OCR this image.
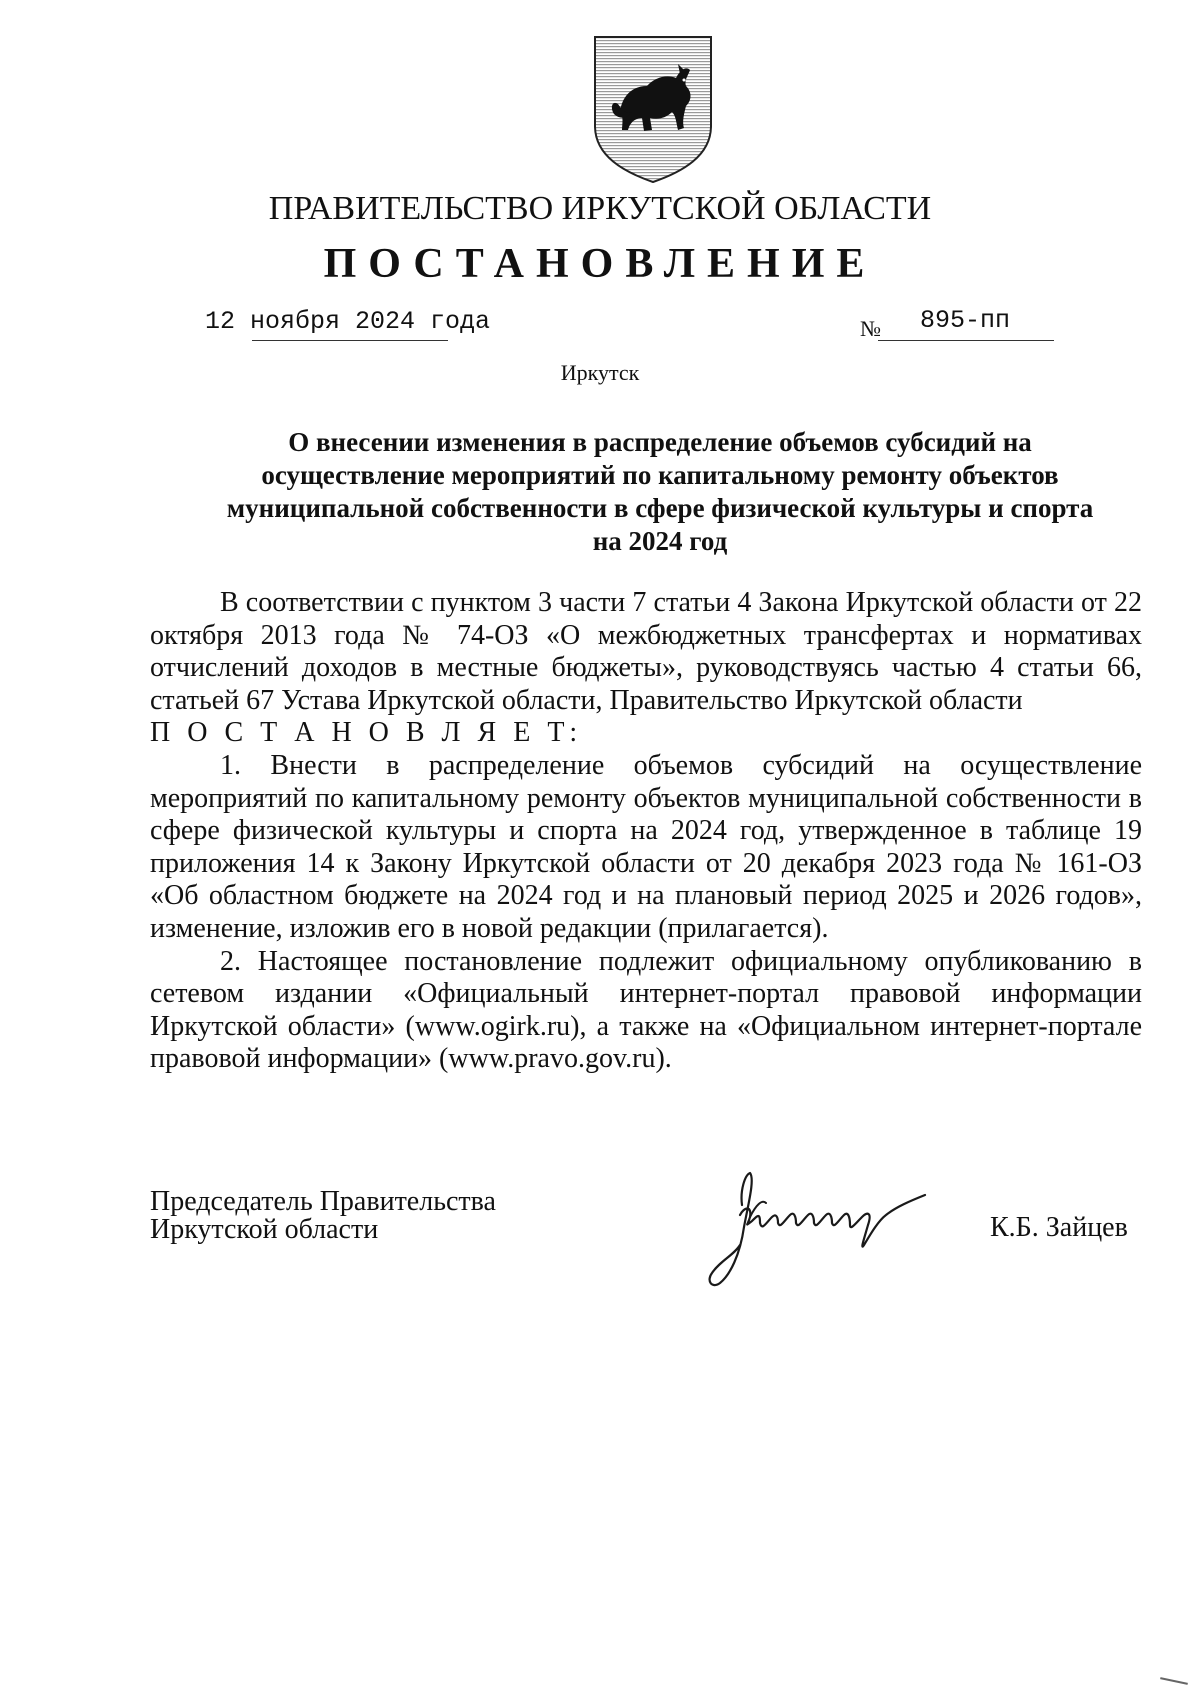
ПРАВИТЕЛЬСТВО ИРКУТСКОЙ ОБЛАСТИ
ПОСТАНОВЛЕНИЕ
12 ноября 2024 года	№ 895-пп
Иркутск
О внесении изменения в распределение объемов субсидий на
осуществление мероприятий по капитальному ремонту объектов
муниципальной собственности в сфере физической культуры и спорта
на 2024 год

В соответствии с пунктом 3 части 7 статьи 4 Закона Иркутской области от 22 октября 2013 года № 74-ОЗ «О межбюджетных трансфертах и нормативах отчислений доходов в местные бюджеты», руководствуясь частью 4 статьи 66, статьей 67 Устава Иркутской области, Правительство Иркутской области

П О С Т А Н О В Л Я Е Т:

1. Внести в распределение объемов субсидий на осуществление мероприятий по капитальному ремонту объектов муниципальной собственности в сфере физической культуры и спорта на 2024 год, утвержденное в таблице 19 приложения 14 к Закону Иркутской области от 20 декабря 2023 года № 161-ОЗ «Об областном бюджете на 2024 год и на плановый период 2025 и 2026 годов», изменение, изложив его в новой редакции (прилагается).

2. Настоящее постановление подлежит официальному опубликованию в сетевом издании «Официальный интернет-портал правовой информации Иркутской области» (www.ogirk.ru), а также на «Официальном интернет-портале правовой информации» (www.pravo.gov.ru).

Председатель Правительства
Иркутской области	К.Б. Зайцев
